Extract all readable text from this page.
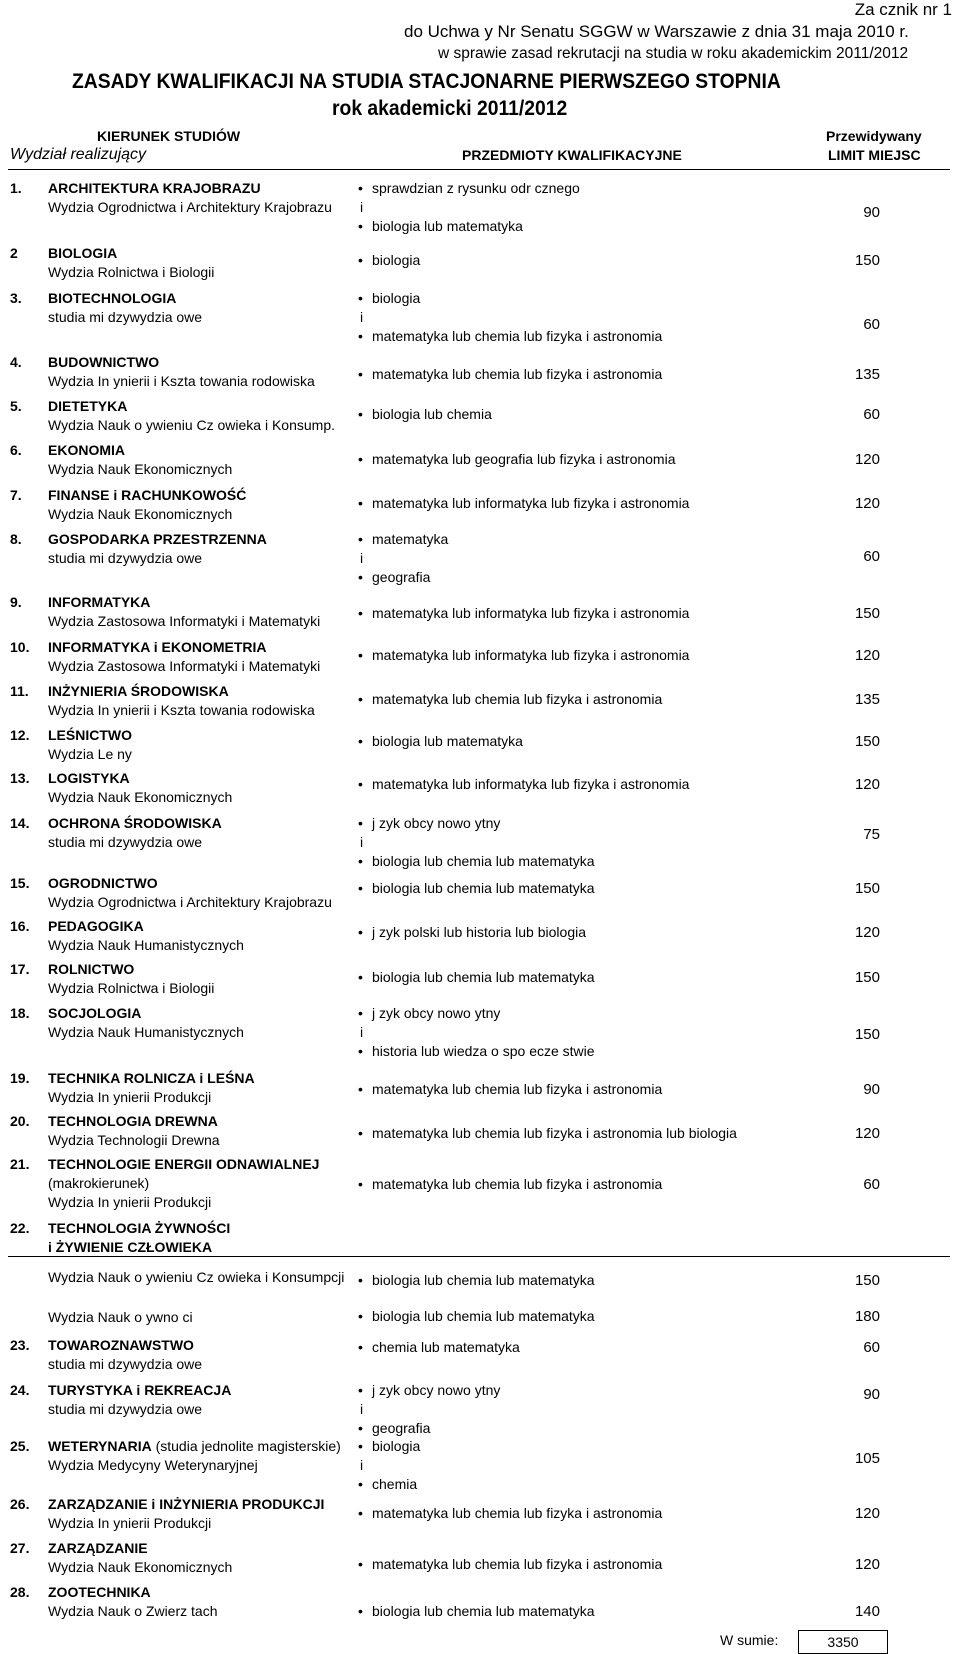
Za cznik nr 1
do Uchwa y Nr Senatu SGGW w Warszawie z dnia 31 maja 2010 r.
w sprawie zasad rekrutacji na studia w roku akademickim 2011/2012
ZASADY KWALIFIKACJI NA STUDIA STACJONARNE PIERWSZEGO STOPNIA
rok akademicki 2011/2012
KIERUNEK STUDIÓW
Wydział realizujący	PRZEDMIOTY KWALIFIKACYJNE
Przewidywany
LIMIT MIEJSC
1. ARCHITEKTURA KRAJOBRAZU
Wydzia Ogrodnictwa i Architektury Krajobrazu
• sprawdzian z rysunku odr cznego
i
• biologia lub matematyka
90
2 BIOLOGIA
Wydzia Rolnictwa i Biologii
• biologia	150
3. BIOTECHNOLOGIA
studia mi dzywydzia owe
• biologia
i
• matematyka lub chemia lub fizyka i astronomia
60
4. BUDOWNICTWO
Wydzia In ynierii i Kszta towania rodowiska	• matematyka lub chemia lub fizyka i astronomia	135
5. DIETETYKA
Wydzia Nauk o ywieniu Cz owieka i Konsump.
• biologia lub chemia	60
6. EKONOMIA
Wydzia Nauk Ekonomicznych
• matematyka lub geografia lub fizyka i astronomia	120
7. FINANSE i RACHUNKOWOŚĆ
Wydzia Nauk Ekonomicznych
• matematyka lub informatyka lub fizyka i astronomia	120
8. GOSPODARKA PRZESTRZENNA
studia mi dzywydzia owe
• matematyka
i
• geografia
60
9. INFORMATYKA
Wydzia Zastosowa Informatyki i Matematyki	• matematyka lub informatyka lub fizyka i astronomia	150
10. INFORMATYKA i EKONOMETRIA
Wydzia Zastosowa Informatyki i Matematyki
• matematyka lub informatyka lub fizyka i astronomia	120
11. INŻYNIERIA ŚRODOWISKA
Wydzia In ynierii i Kszta towania rodowiska
• matematyka lub chemia lub fizyka i astronomia	135
12. LEŚNICTWO
Wydzia Le ny
• biologia lub matematyka	150
13. LOGISTYKA
Wydzia Nauk Ekonomicznych
• matematyka lub informatyka lub fizyka i astronomia	120
14. OCHRONA ŚRODOWISKA
studia mi dzywydzia owe
• j zyk obcy nowo ytny
i
• biologia lub chemia lub matematyka
75
15. OGRODNICTWO
Wydzia Ogrodnictwa i Architektury Krajobrazu
• biologia lub chemia lub matematyka	150
16. PEDAGOGIKA
Wydzia Nauk Humanistycznych
• j zyk polski lub historia lub biologia	120
17. ROLNICTWO
Wydzia Rolnictwa i Biologii
• biologia lub chemia lub matematyka	150
18. SOCJOLOGIA
Wydzia Nauk Humanistycznych
• j zyk obcy nowo ytny
i
• historia lub wiedza o spo ecze stwie
150
19. TECHNIKA ROLNICZA i LEŚNA
Wydzia In ynierii Produkcji	• matematyka lub chemia lub fizyka i astronomia	90
20. TECHNOLOGIA DREWNA
Wydzia Technologii Drewna	• matematyka lub chemia lub fizyka i astronomia lub biologia	120
21. TECHNOLOGIE ENERGII ODNAWIALNEJ
(makrokierunek)
Wydzia In ynierii Produkcji
• matematyka lub chemia lub fizyka i astronomia	60
22. TECHNOLOGIA ŻYWNOŚCI
i ŻYWIENIE CZŁOWIEKA
Wydzia Nauk o ywieniu Cz owieka i Konsumpcji	• biologia lub chemia lub matematyka	150
Wydzia Nauk o ywno ci	• biologia lub chemia lub matematyka	180
23. TOWAROZNAWSTWO
studia mi dzywydzia owe
• chemia lub matematyka	60
24. TURYSTYKA i REKREACJA
studia mi dzywydzia owe
• j zyk obcy nowo ytny
i
• geografia
90
25. WETERYNARIA (studia jednolite magisterskie)
Wydzia Medycyny Weterynaryjnej
• biologia
i
• chemia
105
26. ZARZĄDZANIE i INŻYNIERIA PRODUKCJI
Wydzia In ynierii Produkcji
• matematyka lub chemia lub fizyka i astronomia	120
27. ZARZĄDZANIE
Wydzia Nauk Ekonomicznych	• matematyka lub chemia lub fizyka i astronomia	120
28. ZOOTECHNIKA
Wydzia Nauk o Zwierz tach	• biologia lub chemia lub matematyka	140
W sumie:	3350
